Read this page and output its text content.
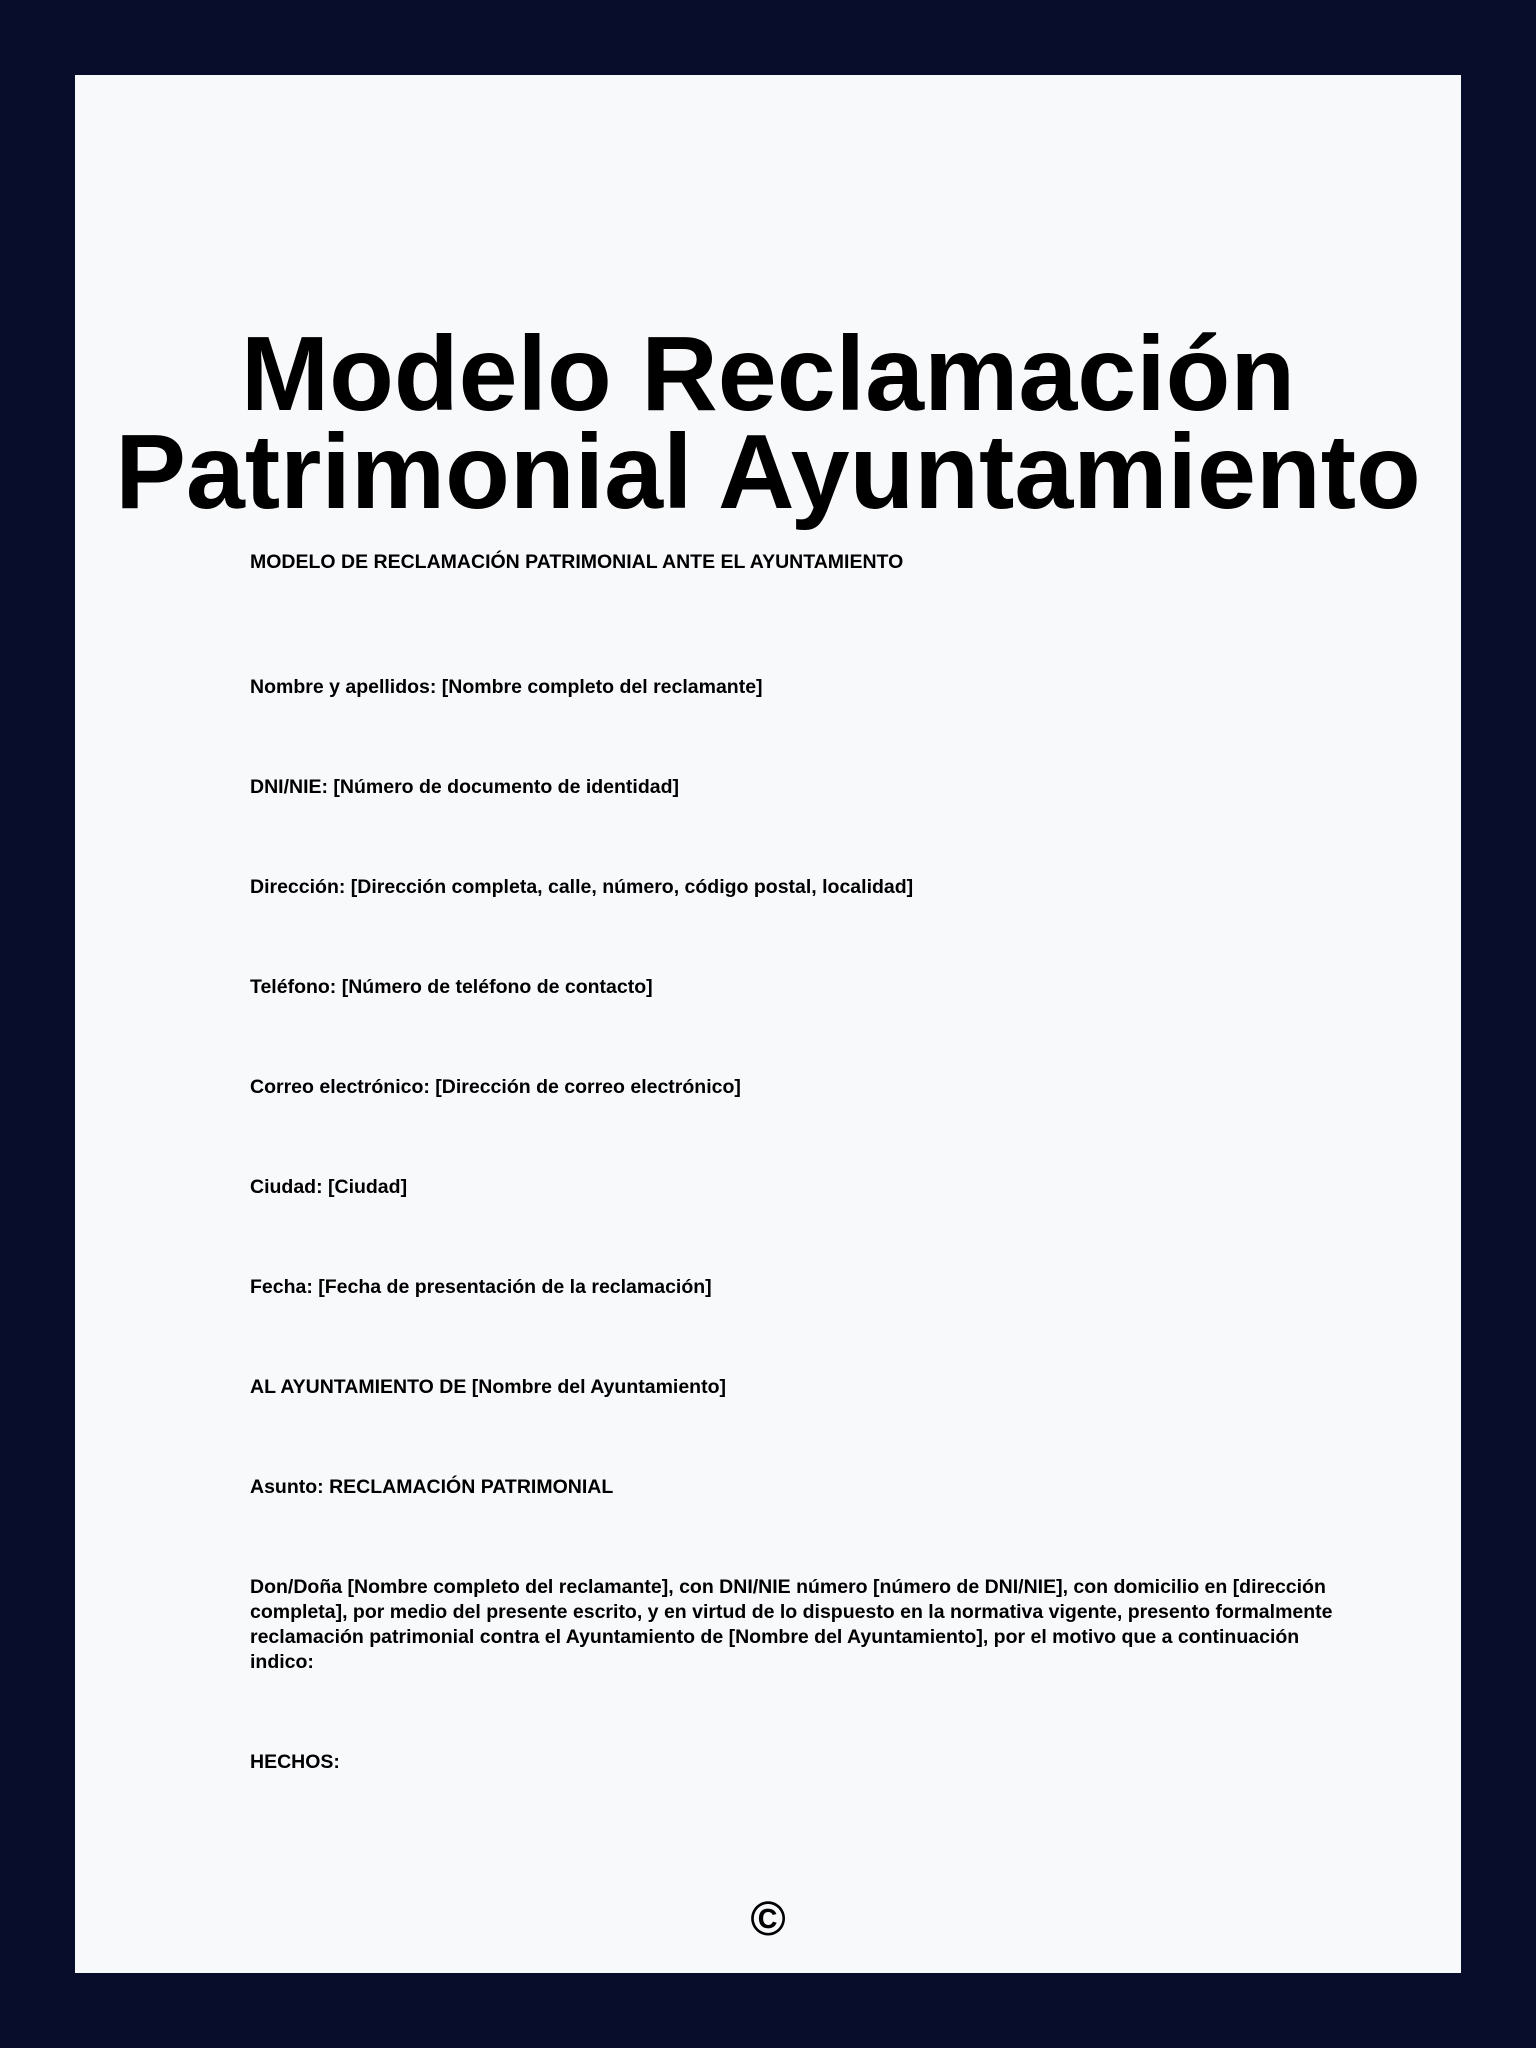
Modelo Reclamación
Patrimonial Ayuntamiento

MODELO DE RECLAMACIÓN PATRIMONIAL ANTE EL AYUNTAMIENTO

Nombre y apellidos: [Nombre completo del reclamante]

DNI/NIE: [Número de documento de identidad]

Dirección: [Dirección completa, calle, número, código postal, localidad]

Teléfono: [Número de teléfono de contacto]

Correo electrónico: [Dirección de correo electrónico]

Ciudad: [Ciudad]

Fecha: [Fecha de presentación de la reclamación]

AL AYUNTAMIENTO DE [Nombre del Ayuntamiento]

Asunto: RECLAMACIÓN PATRIMONIAL

Don/Doña [Nombre completo del reclamante], con DNI/NIE número [número de DNI/NIE], con domicilio en [dirección completa], por medio del presente escrito, y en virtud de lo dispuesto en la normativa vigente, presento formalmente reclamación patrimonial contra el Ayuntamiento de [Nombre del Ayuntamiento], por el motivo que a continuación indico:

HECHOS:

©
